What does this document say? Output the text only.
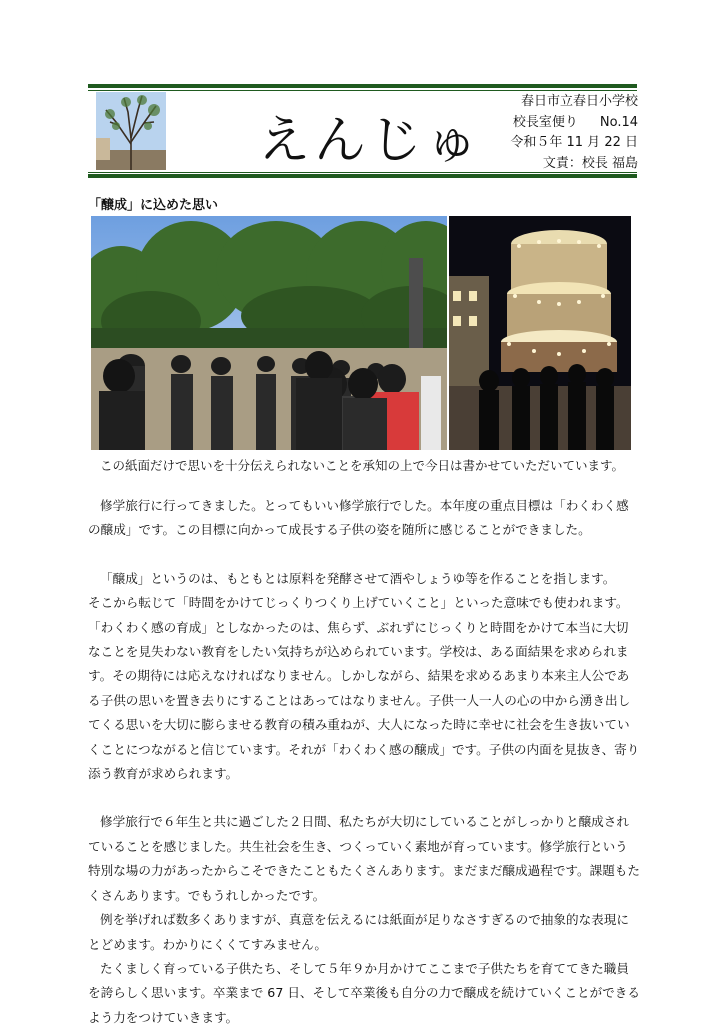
えんじゅ
春日市立春日小学校
校長室便り No.14
令和５年 11 月 22 日
文責：校長 福島
「醸成」に込めた思い
この紙面だけで思いを十分伝えられないことを承知の上で今日は書かせていただいています。

修学旅行に行ってきました。とってもいい修学旅行でした。本年度の重点目標は「わくわく感の醸成」です。この目標に向かって成長する子供の姿を随所に感じることができました。

「醸成」というのは、もともとは原料を発酵させて酒やしょうゆ等を作ることを指します。

そこから転じて「時間をかけてじっくりつくり上げていくこと」といった意味でも使われます。「わくわく感の育成」としなかったのは、焦らず、ぶれずにじっくりと時間をかけて本当に大切なことを見失わない教育をしたい気持ちが込められています。学校は、ある面結果を求められます。その期待には応えなければなりません。しかしながら、結果を求めるあまり本来主人公である子供の思いを置き去りにすることはあってはなりません。子供一人一人の心の中から湧き出してくる思いを大切に膨らませる教育の積み重ねが、大人になった時に幸せに社会を生き抜いていくことにつながると信じています。それが「わくわく感の醸成」です。子供の内面を見抜き、寄り添う教育が求められます。

修学旅行で６年生と共に過ごした２日間、私たちが大切にしていることがしっかりと醸成されていることを感じました。共生社会を生き、つくっていく素地が育っています。修学旅行という特別な場の力があったからこそできたこともたくさんあります。まだまだ醸成過程です。課題もたくさんあります。でもうれしかったです。

例を挙げれば数多くありますが、真意を伝えるには紙面が足りなさすぎるので抽象的な表現にとどめます。わかりにくくてすみません。

たくましく育っている子供たち、そして５年９か月かけてここまで子供たちを育ててきた職員を誇らしく思います。卒業まで 67 日、そして卒業後も自分の力で醸成を続けていくことができるよう力をつけていきます。
